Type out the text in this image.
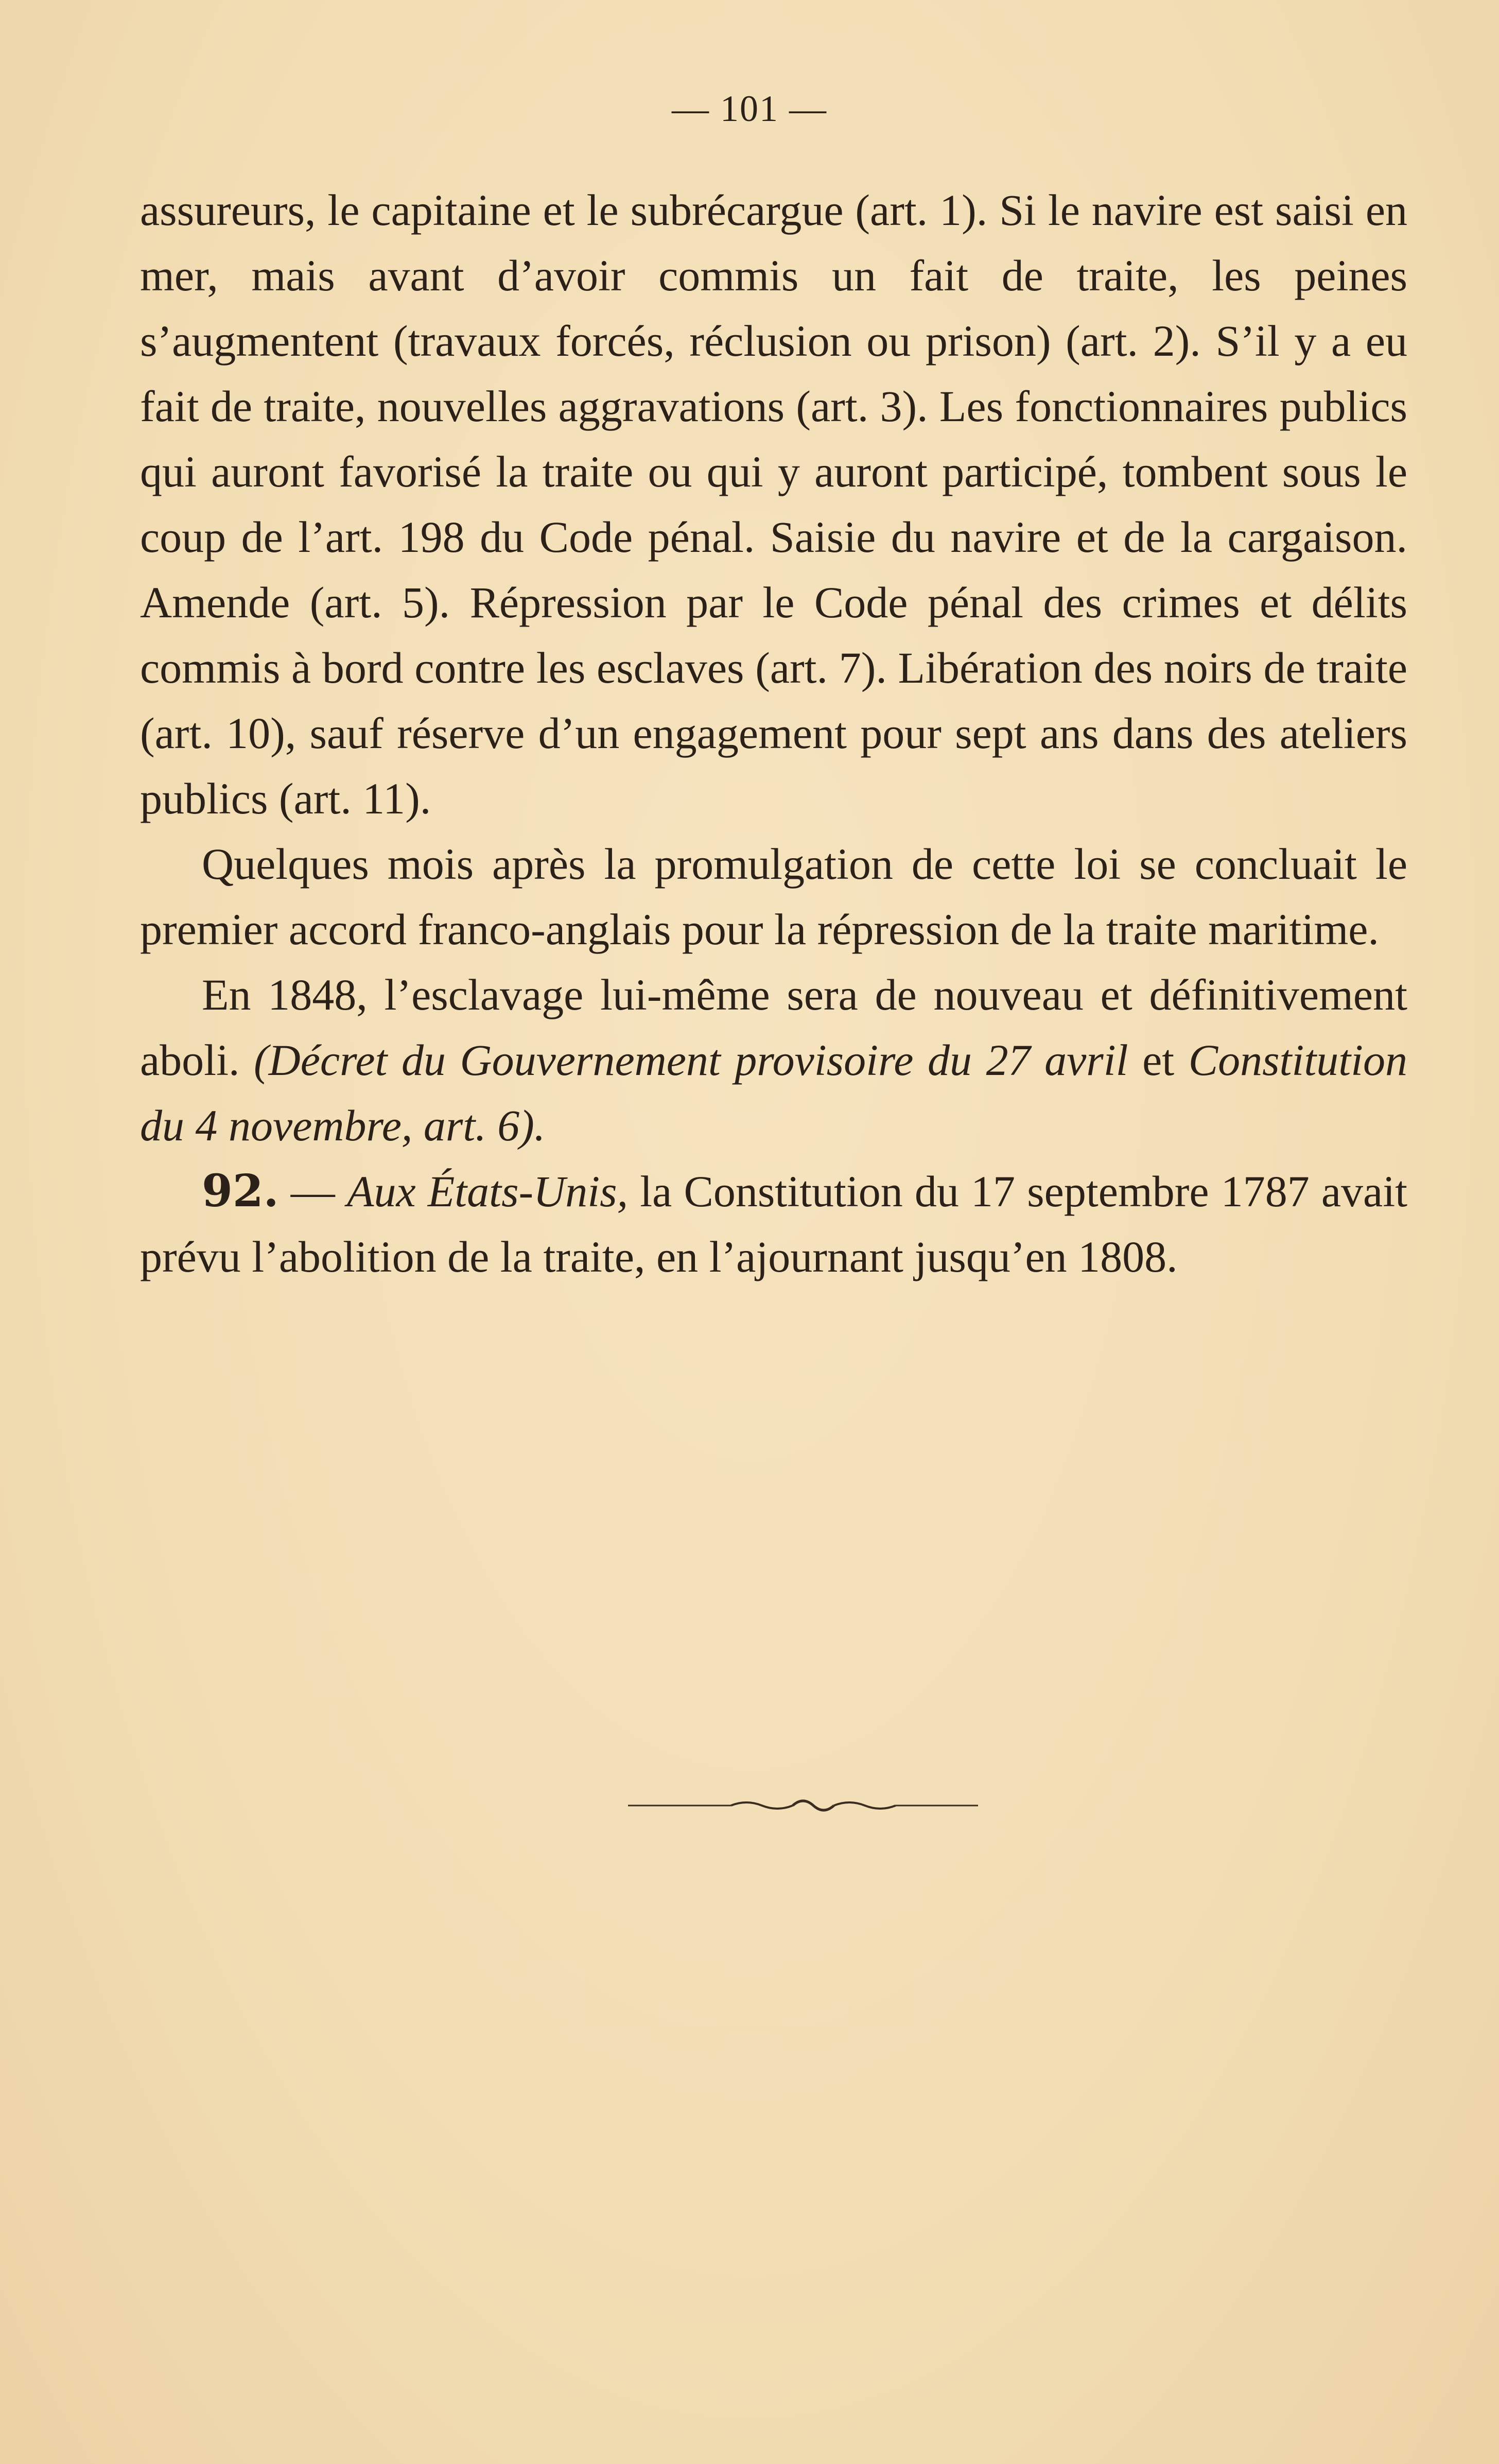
— 101 —

assureurs, le capitaine et le subrécargue (art. 1). Si le navire est saisi en mer, mais avant d’avoir commis un fait de traite, les peines s’augmentent (travaux forcés, réclusion ou prison) (art. 2). S’il y a eu fait de traite, nouvelles aggravations (art. 3). Les fonctionnaires publics qui auront favorisé la traite ou qui y auront participé, tombent sous le coup de l’art. 198 du Code pénal. Saisie du navire et de la cargaison. Amende (art. 5). Répression par le Code pénal des crimes et délits commis à bord contre les esclaves (art. 7). Libération des noirs de traite (art. 10), sauf réserve d’un engagement pour sept ans dans des ateliers publics (art. 11).

Quelques mois après la promulgation de cette loi se concluait le premier accord franco-anglais pour la répression de la traite maritime.

En 1848, l’esclavage lui-même sera de nouveau et définitivement aboli. (Décret du Gouvernement provisoire du 27 avril et Constitution du 4 novembre, art. 6).

92. — Aux États-Unis, la Constitution du 17 septembre 1787 avait prévu l’abolition de la traite, en l’ajournant jusqu’en 1808.
